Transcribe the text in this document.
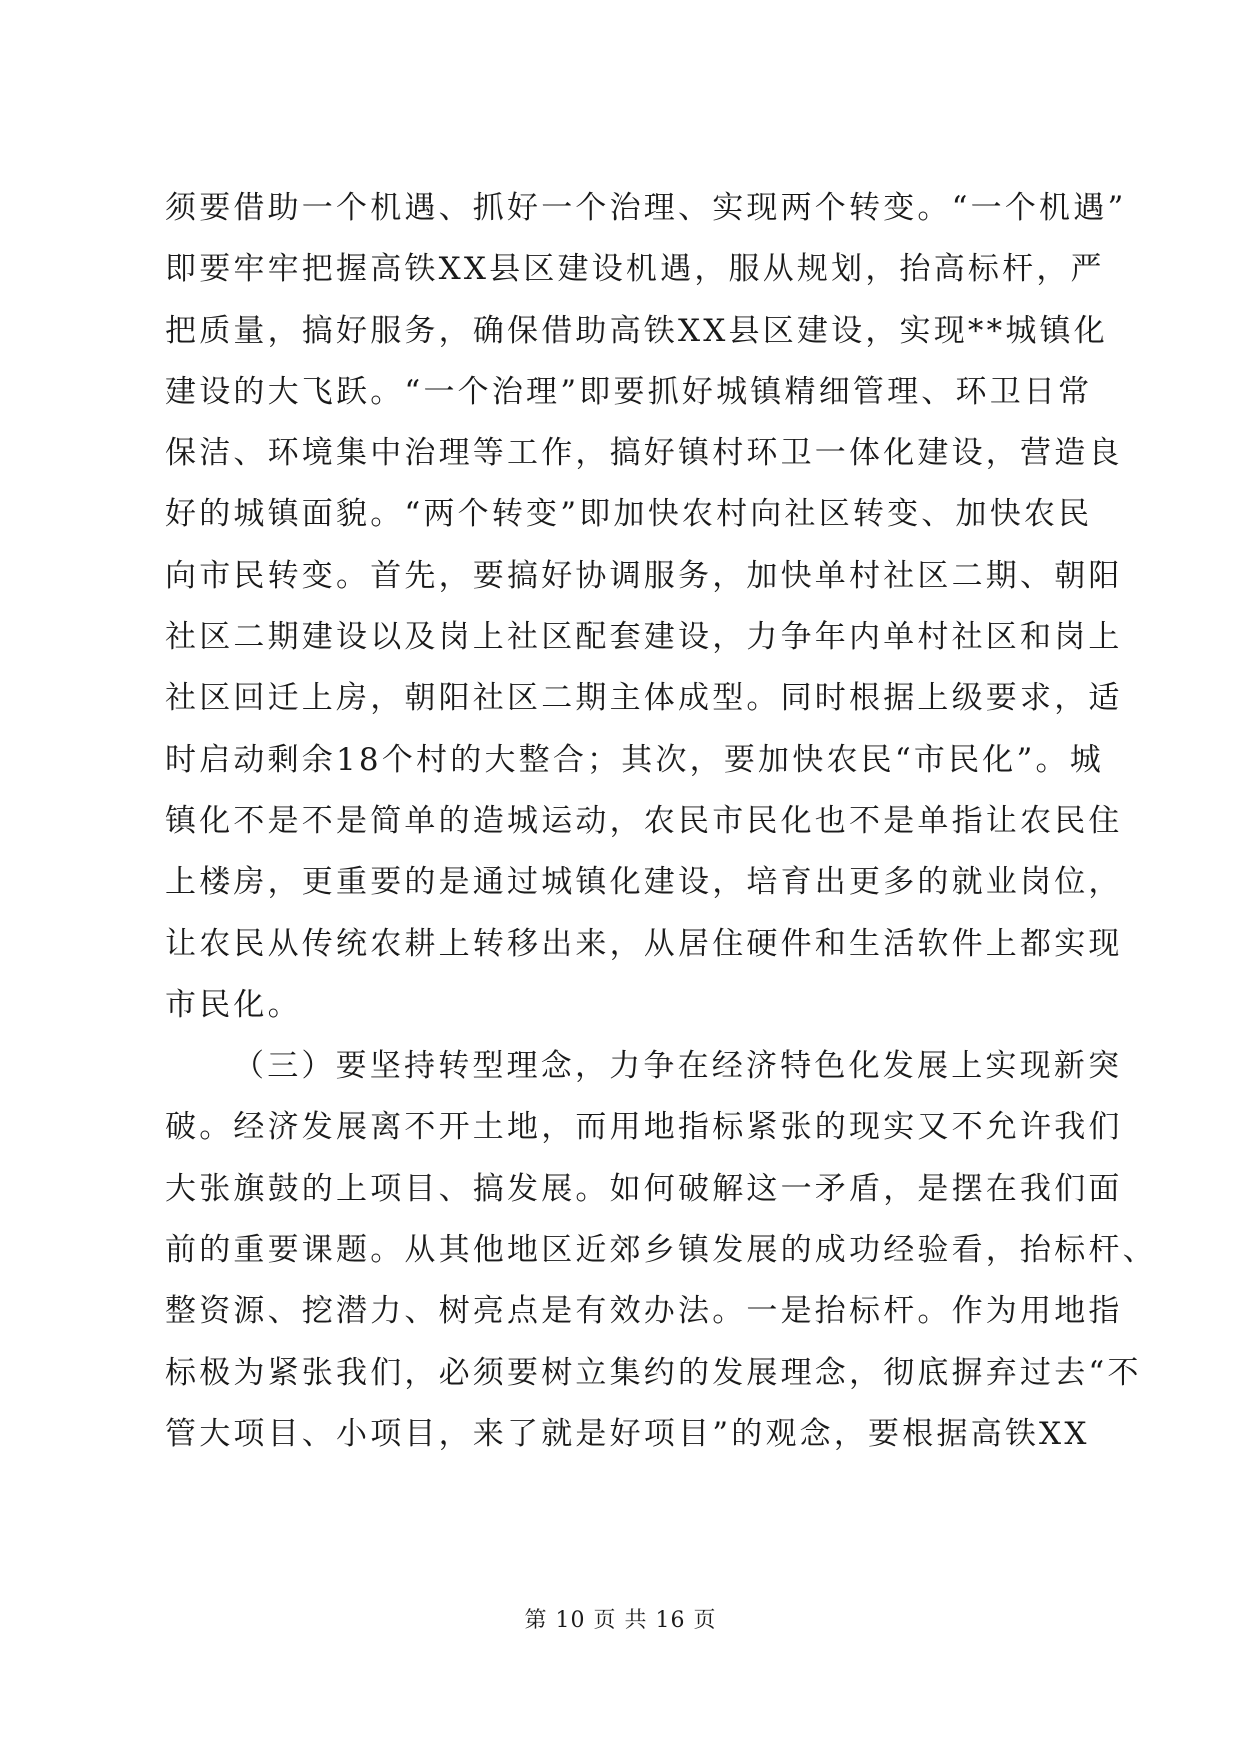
须要借助一个机遇、抓好一个治理、实现两个转变。“一个机遇”
即要牢牢把握高铁XX县区建设机遇，服从规划，抬高标杆，严
把质量，搞好服务，确保借助高铁XX县区建设，实现**城镇化
建设的大飞跃。“一个治理”即要抓好城镇精细管理、环卫日常
保洁、环境集中治理等工作，搞好镇村环卫一体化建设，营造良
好的城镇面貌。“两个转变”即加快农村向社区转变、加快农民
向市民转变。首先，要搞好协调服务，加快单村社区二期、朝阳
社区二期建设以及岗上社区配套建设，力争年内单村社区和岗上
社区回迁上房，朝阳社区二期主体成型。同时根据上级要求，适
时启动剩余18个村的大整合；其次，要加快农民“市民化”。城
镇化不是不是简单的造城运动，农民市民化也不是单指让农民住
上楼房，更重要的是通过城镇化建设，培育出更多的就业岗位，
让农民从传统农耕上转移出来，从居住硬件和生活软件上都实现
市民化。
（三）要坚持转型理念，力争在经济特色化发展上实现新突
破。经济发展离不开土地，而用地指标紧张的现实又不允许我们
大张旗鼓的上项目、搞发展。如何破解这一矛盾，是摆在我们面
前的重要课题。从其他地区近郊乡镇发展的成功经验看，抬标杆、
整资源、挖潜力、树亮点是有效办法。一是抬标杆。作为用地指
标极为紧张我们，必须要树立集约的发展理念，彻底摒弃过去“不
管大项目、小项目，来了就是好项目”的观念，要根据高铁XX
第 10 页 共 16 页
